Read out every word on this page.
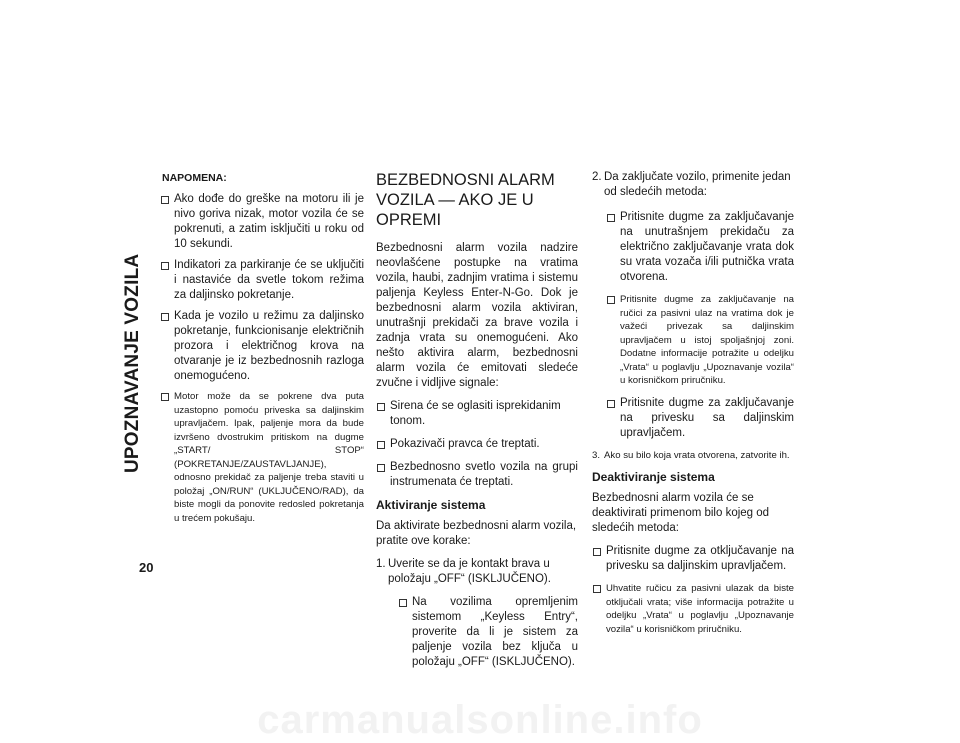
UPOZNAVANJE VOZILA
20

NAPOMENA:

Ako dođe do greške na motoru ili je nivo goriva nizak, motor vozila će se pokrenuti, a zatim isključiti u roku od 10 sekundi.
Indikatori za parkiranje će se uključiti i nastaviće da svetle tokom režima za daljinsko pokretanje.
Kada je vozilo u režimu za daljinsko pokretanje, funkcionisanje električnih prozora i električnog krova na otvaranje je iz bezbednosnih razloga onemogućeno.
Motor može da se pokrene dva puta uzastopno pomoću priveska sa daljinskim upravljačem. Ipak, paljenje mora da bude izvršeno dvostrukim pritiskom na dugme „START/ STOP“ (POKRETANJE/ZAUSTAVLJANJE), odnosno prekidač za paljenje treba staviti u položaj „ON/RUN“ (UKLJUČENO/RAD), da biste mogli da ponovite redosled pokretanja u trećem pokušaju.

BEZBEDNOSNI ALARM VOZILA — AKO JE U OPREMI

Bezbednosni alarm vozila nadzire neovlašćene postupke na vratima vozila, haubi, zadnjim vratima i sistemu paljenja Keyless Enter-N-Go. Dok je bezbednosni alarm vozila aktiviran, unutrašnji prekidači za brave vozila i zadnja vrata su onemogućeni. Ako nešto aktivira alarm, bezbednosni alarm vozila će emitovati sledeće zvučne i vidljive signale:

Sirena će se oglasiti isprekidanim tonom.
Pokazivači pravca će treptati.
Bezbednosno svetlo vozila na grupi instrumenata će treptati.

Aktiviranje sistema

Da aktivirate bezbednosni alarm vozila, pratite ove korake:

1. Uverite se da je kontakt brava u položaju „OFF“ (ISKLJUČENO).
Na vozilima opremljenim sistemom „Keyless Entry“, proverite da li je sistem za paljenje vozila bez ključa u položaju „OFF“ (ISKLJUČENO).
2. Da zaključate vozilo, primenite jedan od sledećih metoda:
Pritisnite dugme za zaključavanje na unutrašnjem prekidaču za električno zaključavanje vrata dok su vrata vozača i/ili putnička vrata otvorena.
Pritisnite dugme za zaključavanje na ručici za pasivni ulaz na vratima dok je važeći privezak sa daljinskim upravljačem u istoj spoljašnjoj zoni. Dodatne informacije potražite u odeljku „Vrata“ u poglavlju „Upoznavanje vozila“ u korisničkom priručniku.
Pritisnite dugme za zaključavanje na privesku sa daljinskim upravljačem.
3. Ako su bilo koja vrata otvorena, zatvorite ih.

Deaktiviranje sistema

Bezbednosni alarm vozila će se deaktivirati primenom bilo kojeg od sledećih metoda:

Pritisnite dugme za otključavanje na privesku sa daljinskim upravljačem.
Uhvatite ručicu za pasivni ulazak da biste otključali vrata; više informacija potražite u odeljku „Vrata“ u poglavlju „Upoznavanje vozila“ u korisničkom priručniku.
carmanualsonline.info
